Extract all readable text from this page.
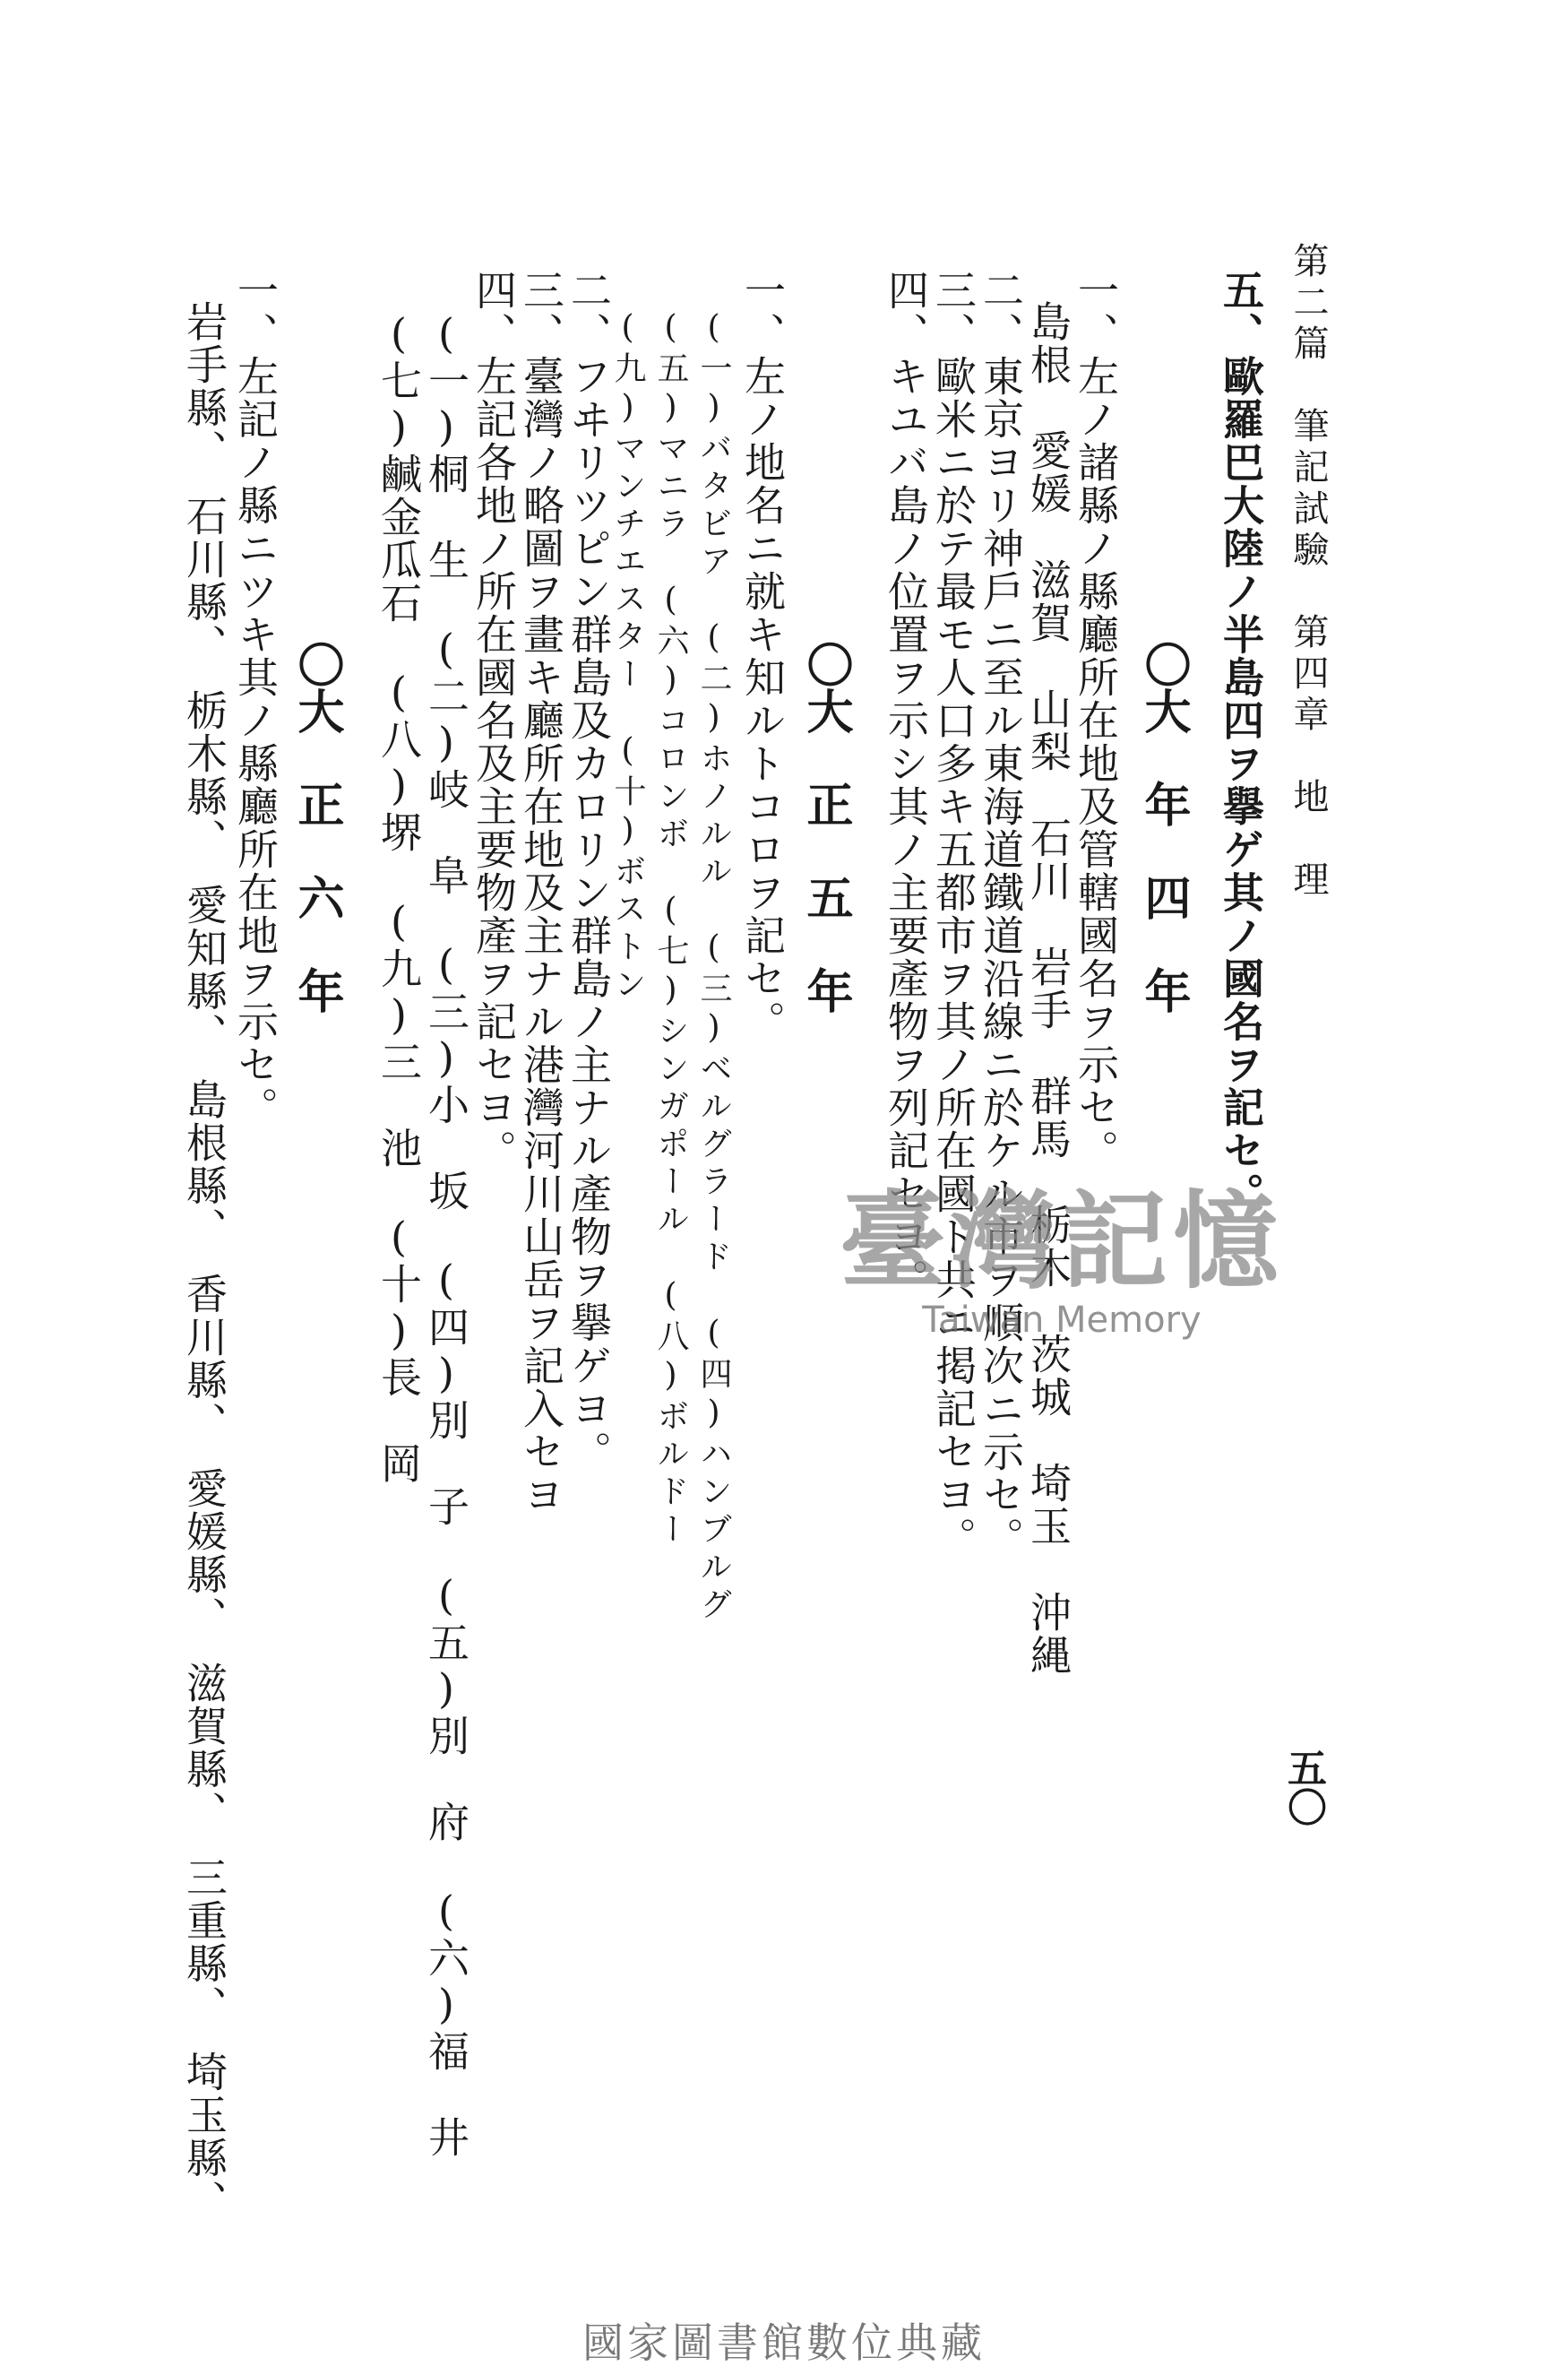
第二篇　筆記試驗　第四章　地　理
五〇
五、歐羅巴大陸ノ半島四ヲ擧ゲ其ノ國名ヲ記セ。
〇大　年　四　年
一、左ノ諸縣ノ縣廳所在地及管轄國名ヲ示セ。
島根　愛媛　滋賀　山梨　石川　岩手　群馬　栃木　茨城　埼玉　沖縄
二、東京ヨリ神戶ニ至ル東海道鐵道沿線ニ於ケル市ヲ順次ニ示セ。
三、歐米ニ於テ最モ人口多キ五都市ヲ其ノ所在國ト共ニ掲記セヨ。
四、キユバ島ノ位置ヲ示シ其ノ主要產物ヲ列記セヨ。
〇大　正　五　年
一、左ノ地名ニ就キ知ルトコロヲ記セ。
(一)バタビア　(二)ホノルル　(三)ベルグラード　(四)ハンブルグ
(五)マニラ　(六)コロンボ　(七)シンガポール　(八)ボルドー
(九)マンチエスター　(十)ボストン
二、フヰリツピン群島及カロリン群島ノ主ナル產物ヲ擧ゲヨ。
三、臺灣ノ略圖ヲ畫キ廳所在地及主ナル港灣河川山岳ヲ記入セヨ
四、左記各地ノ所在國名及主要物產ヲ記セヨ。
(一)桐　生　(二)岐　阜　(三)小　坂　(四)別　子　(五)別　府　(六)福　井
(七)鹹金瓜石　(八)堺　(九)三　池　(十)長　岡
〇大　正　六　年
一、左記ノ縣ニツキ其ノ縣廳所在地ヲ示セ。
岩手縣、　石川縣、　栃木縣、　愛知縣、　島根縣、　香川縣、　愛媛縣、　滋賀縣、　三重縣、　埼玉縣、	臺灣記憶
Taiwan Memory
國家圖書館數位典藏
